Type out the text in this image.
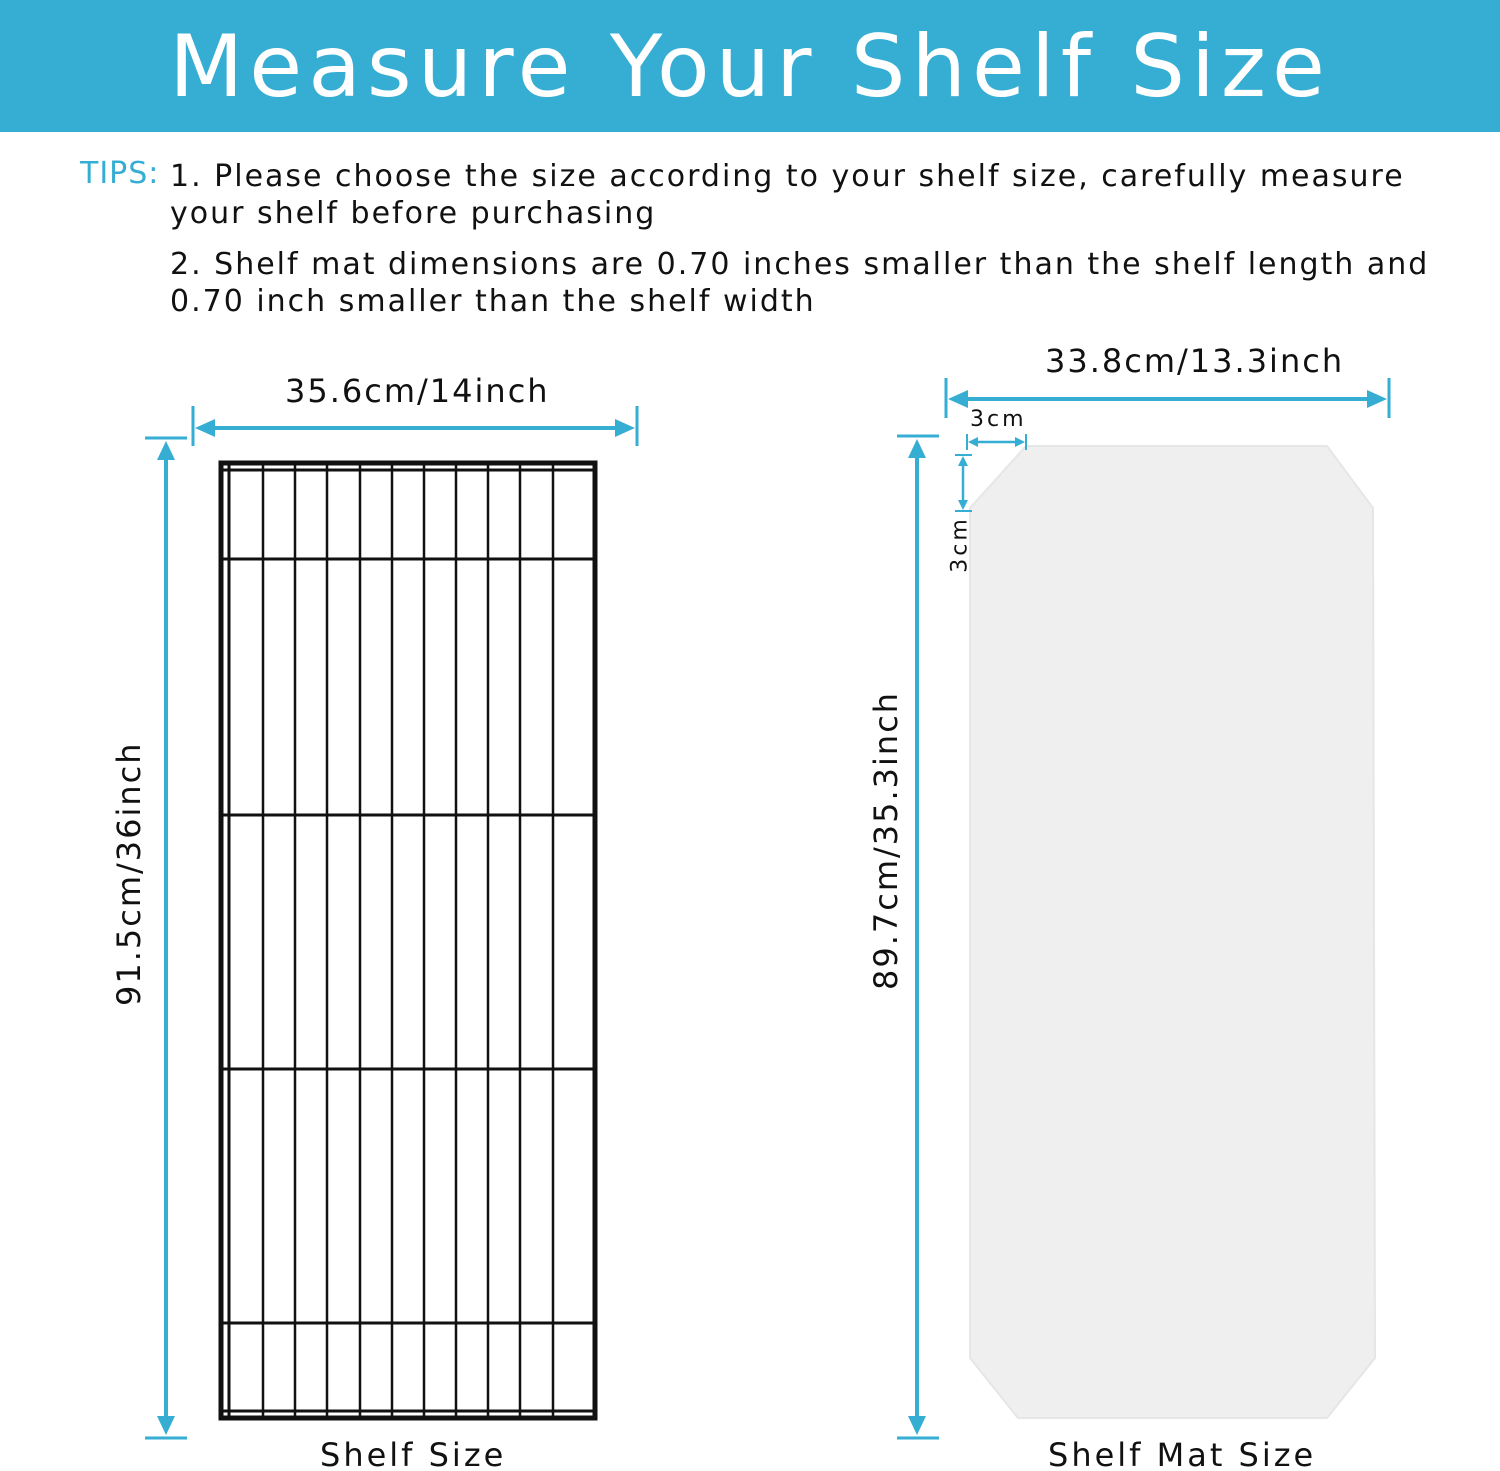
Measure Your Shelf Size
TIPS: 1. Please choose the size according to your shelf size, carefully measure your shelf before purchasing
2. Shelf mat dimensions are 0.70 inches smaller than the shelf length and 0.70 inch smaller than the shelf width
35.6cm/14inch
91.5cm/36inch
33.8cm/13.3inch
89.7cm/35.3inch
3cm
3cm
Shelf Size	Shelf Mat Size
